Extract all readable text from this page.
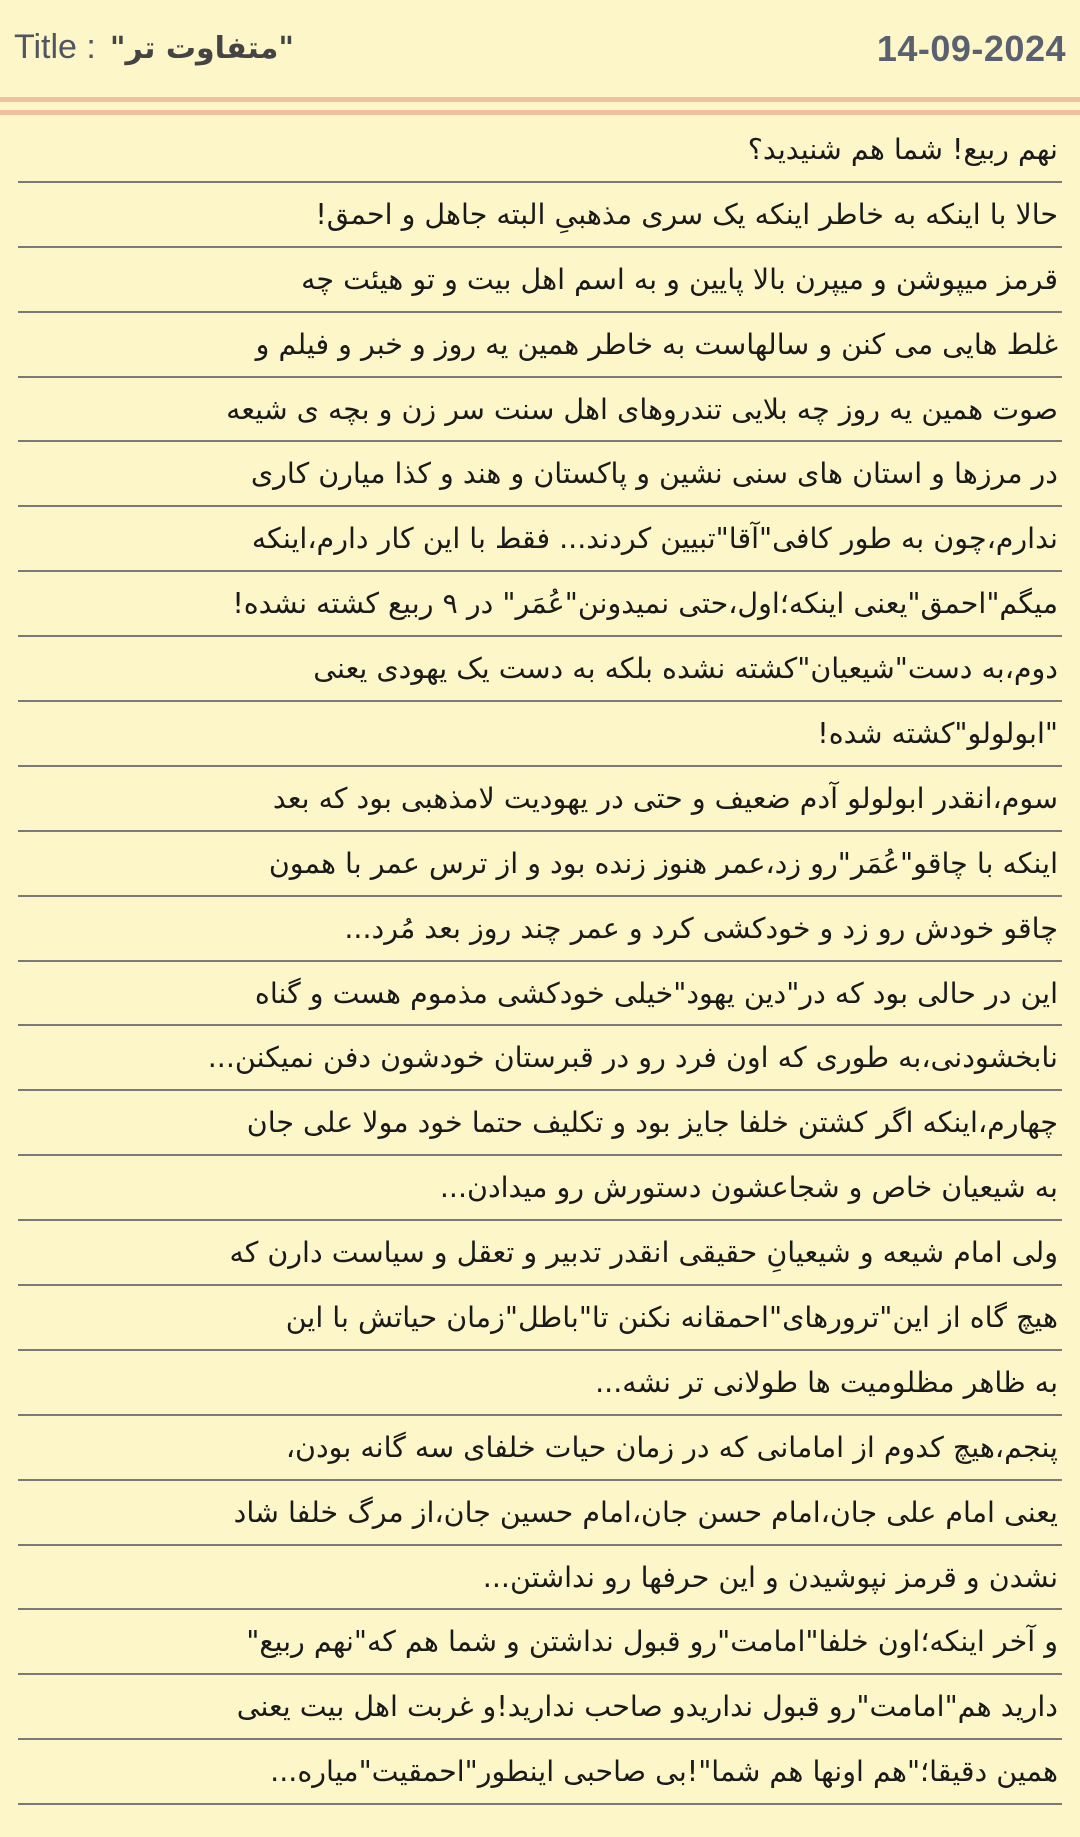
Title : "متفاوت تر"	14-09-2024
نهم ربیع! شما هم شنیدید؟
حالا با اینکه به خاطر اینکه یک سری مذهبیِ البته جاهل و احمق!
قرمز میپوشن و میپرن بالا پایین و به اسم اهل بیت و تو هیئت چه
غلط هایی می کنن و سالهاست به خاطر همین یه روز و خبر و فیلم و
صوت همین یه روز چه بلایی تندروهای اهل سنت سر زن و بچه ی شیعه
در مرزها و استان های سنی نشین و پاکستان و هند و کذا میارن کاری
ندارم،چون به طور کافی"آقا"تبیین کردند... فقط با این کار دارم،اینکه
میگم"احمق"یعنی اینکه؛اول،حتی نمیدونن"عُمَر" در ۹ ربیع کشته نشده!
دوم،به دست"شیعیان"کشته نشده بلکه به دست یک یهودی یعنی
"ابولولو"کشته شده!
سوم،انقدر ابولولو آدم ضعیف و حتی در یهودیت لامذهبی بود که بعد
اینکه با چاقو"عُمَر"رو زد،عمر هنوز زنده بود و از ترس عمر با همون
چاقو خودش رو زد و خودکشی کرد و عمر چند روز بعد مُرد...
این در حالی بود که در"دین یهود"خیلی خودکشی مذموم هست و گناه
نابخشودنی،به طوری که اون فرد رو در قبرستان خودشون دفن نمیکنن...
چهارم،اینکه اگر کشتن خلفا جایز بود و تکلیف حتما خود مولا علی جان
به شیعیان خاص و شجاعشون دستورش رو میدادن...
ولی امام شیعه و شیعیانِ حقیقی انقدر تدبیر و تعقل و سیاست دارن که
هیچ گاه از این"ترورهای"احمقانه نکنن تا"باطل"زمان حیاتش با این
به ظاهر مظلومیت ها طولانی تر نشه...
پنجم،هیچ کدوم از امامانی که در زمان حیات خلفای سه گانه بودن،
یعنی امام علی جان،امام حسن جان،امام حسین جان،از مرگ خلفا شاد
نشدن و قرمز نپوشیدن و این حرفها رو نداشتن...
و آخر اینکه؛اون خلفا"امامت"رو قبول نداشتن و شما هم که"نهم ربیع"
دارید هم"امامت"رو قبول ندارید‌و صاحب ندارید!و غربت اهل بیت یعنی
همین دقیقا؛"هم اونها هم شما"!بی صاحبی اینطور"احمقیت"میاره...
